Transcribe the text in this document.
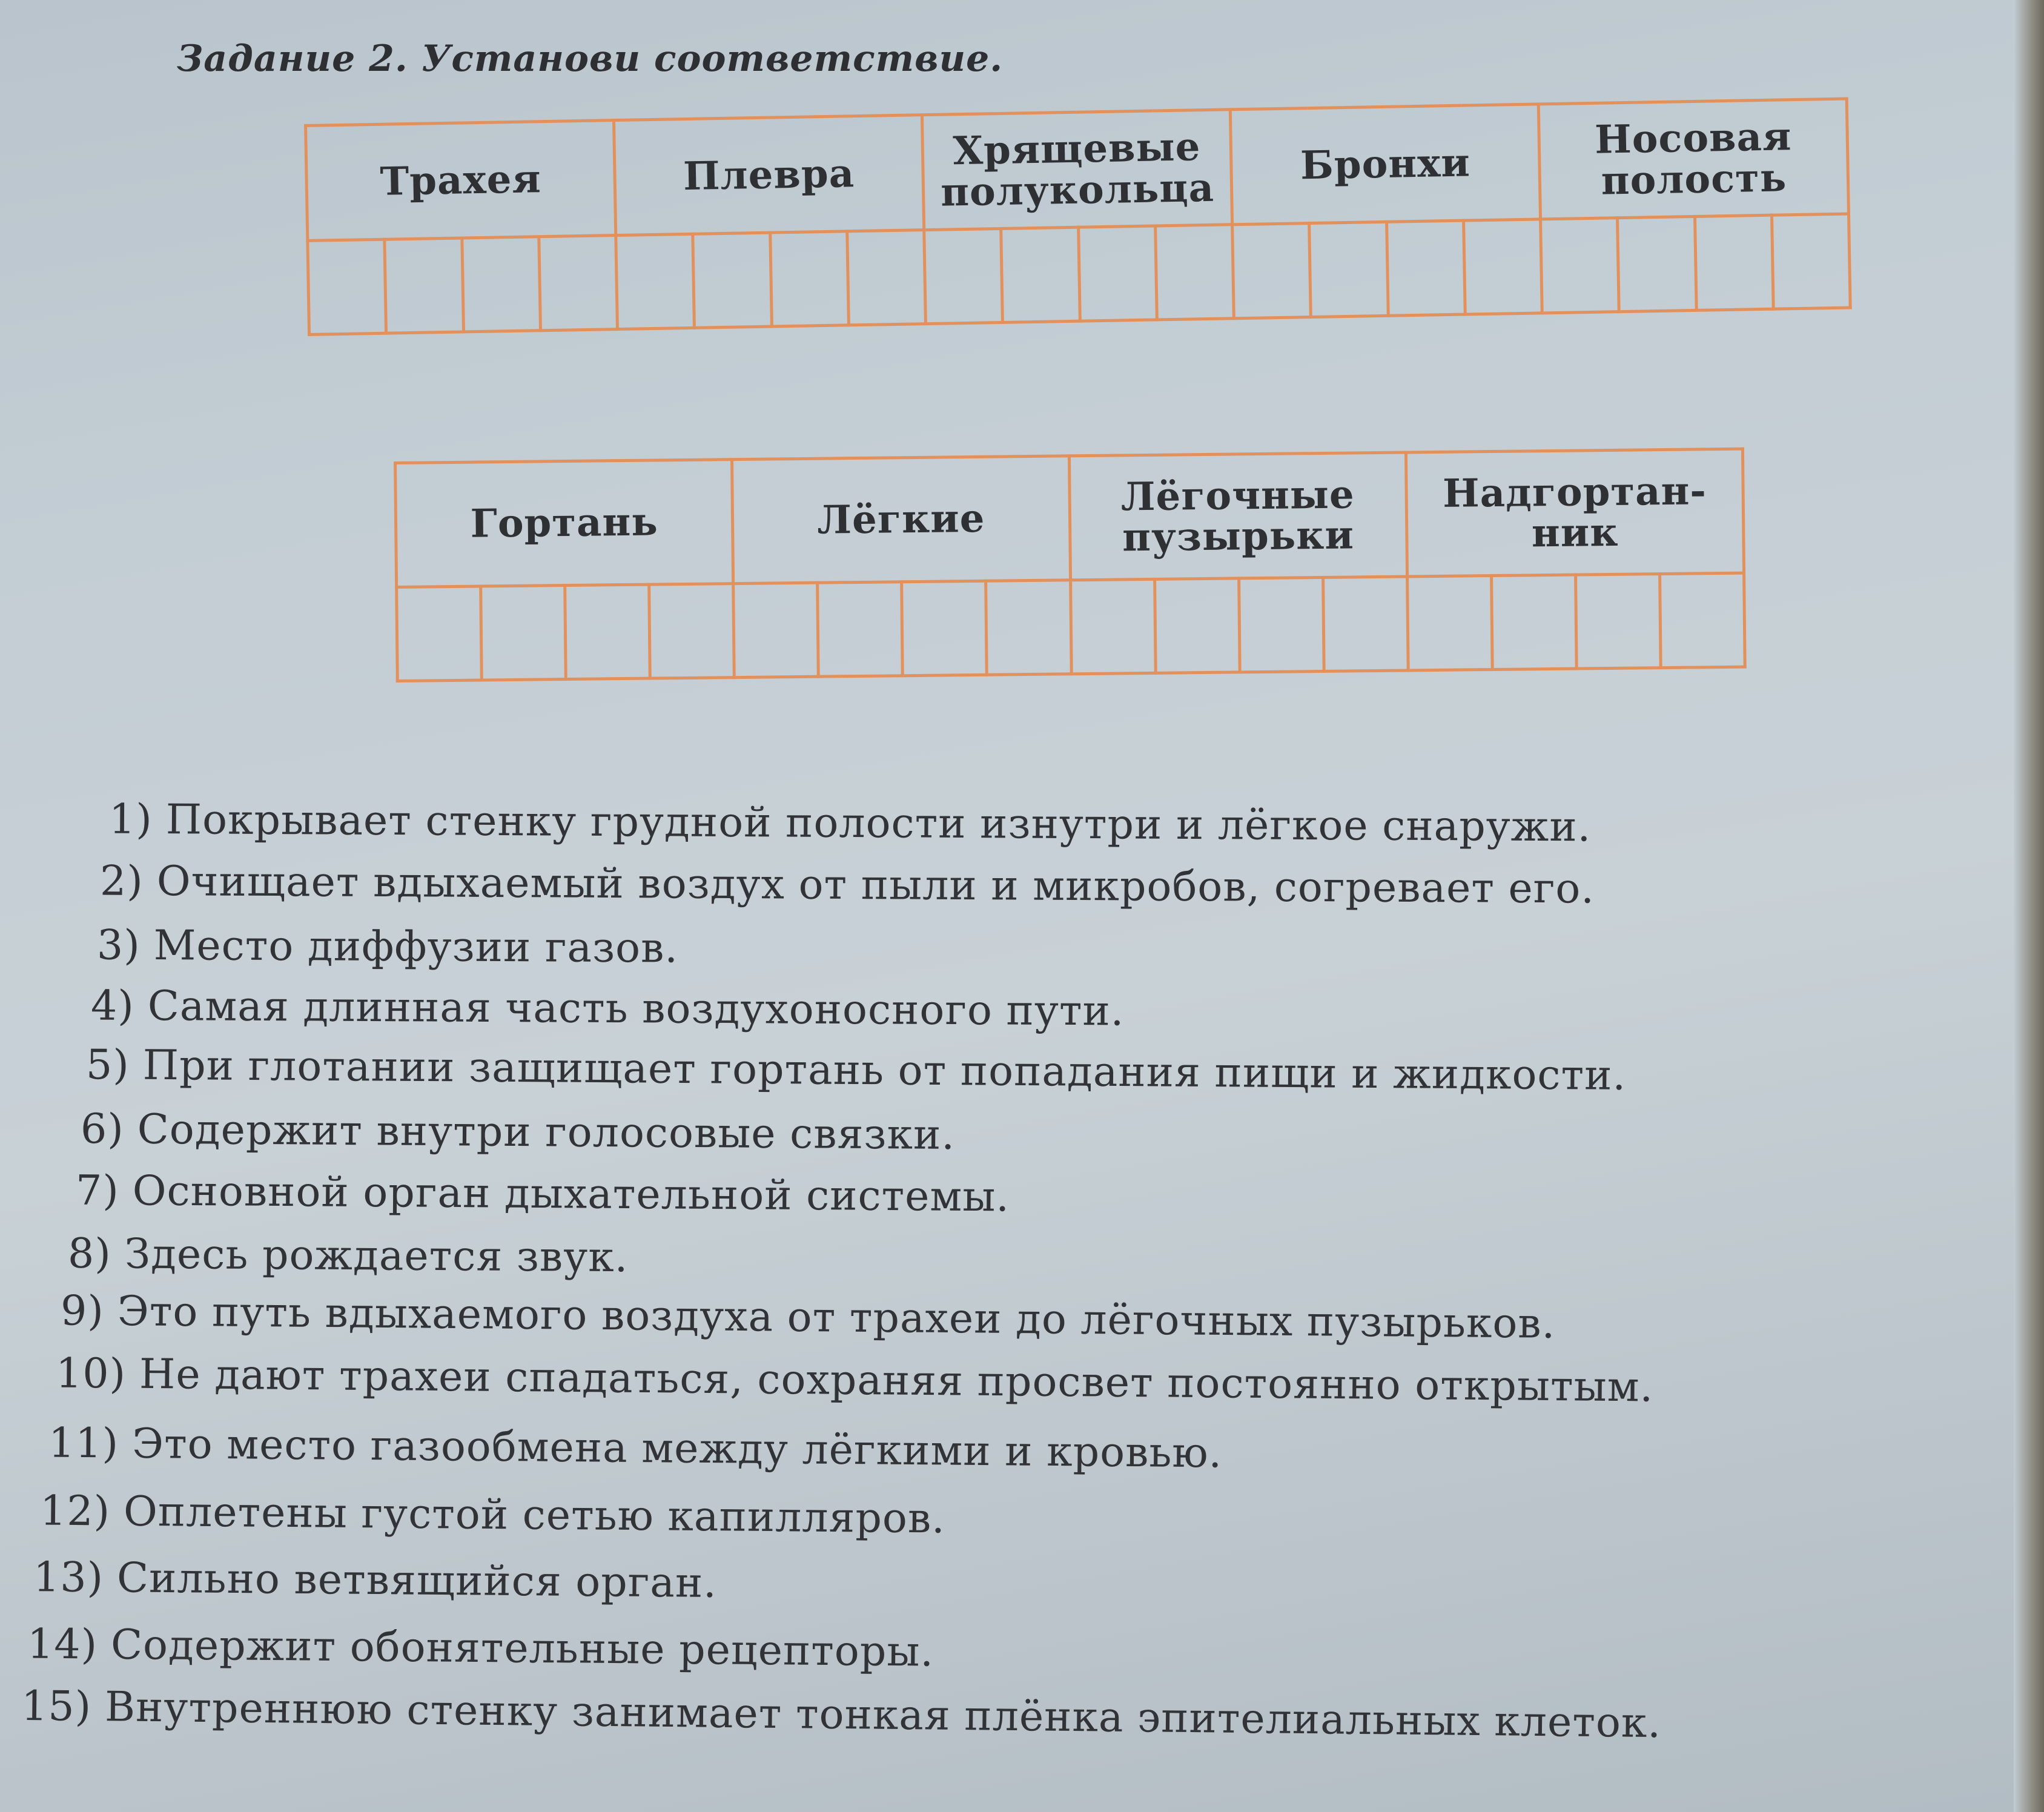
Задание 2. Установи соответствие.
Трахея				Плевра				Хрящевые полукольца				Бронхи				Носовая полость			

Гортань				Лёгкие				Лёгочные пузырьки				Надгортан-ник			

1) Покрывает стенку грудной полости изнутри и лёгкое снаружи.
2) Очищает вдыхаемый воздух от пыли и микробов, согревает его.
3) Место диффузии газов.
4) Самая длинная часть воздухоносного пути.
5) При глотании защищает гортань от попадания пищи и жидкости.
6) Содержит внутри голосовые связки.
7) Основной орган дыхательной системы.
8) Здесь рождается звук.
9) Это путь вдыхаемого воздуха от трахеи до лёгочных пузырьков.
10) Не дают трахеи спадаться, сохраняя просвет постоянно открытым.
11) Это место газообмена между лёгкими и кровью.
12) Оплетены густой сетью капилляров.
13) Сильно ветвящийся орган.
14) Содержит обонятельные рецепторы.
15) Внутреннюю стенку занимает тонкая плёнка эпителиальных клеток.
